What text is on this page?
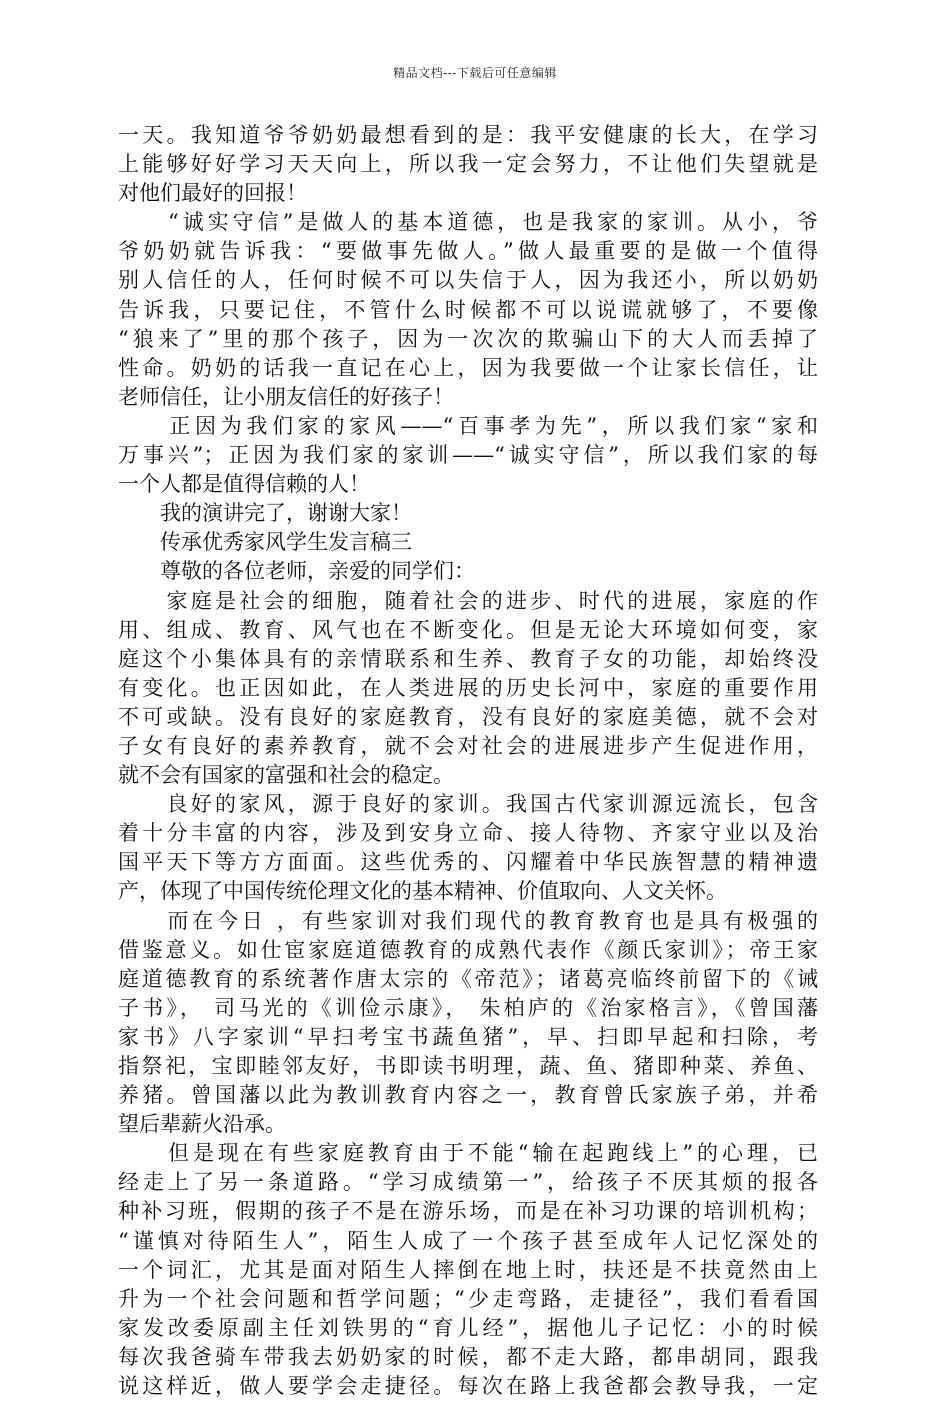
精品文档---下载后可任意编辑
一天。我知道爷爷奶奶最想看到的是：我平安健康的长大，在学习
上能够好好学习天天向上，所以我一定会努力，不让他们失望就是
对他们最好的回报！
　　“诚实守信”是做人的基本道德，也是我家的家训。从小，爷
爷奶奶就告诉我：“要做事先做人。”做人最重要的是做一个值得
别人信任的人，任何时候不可以失信于人，因为我还小，所以奶奶
告诉我，只要记住，不管什么时候都不可以说谎就够了，不要像
“狼来了”里的那个孩子，因为一次次的欺骗山下的大人而丢掉了
性命。奶奶的话我一直记在心上，因为我要做一个让家长信任，让
老师信任，让小朋友信任的好孩子！
　　正因为我们家的家风——“百事孝为先”，所以我们家“家和
万事兴”；正因为我们家的家训——“诚实守信”，所以我们家的每
一个人都是值得信赖的人！
　　我的演讲完了，谢谢大家！
　　传承优秀家风学生发言稿三
　　尊敬的各位老师，亲爱的同学们：
　　家庭是社会的细胞，随着社会的进步、时代的进展，家庭的作
用、组成、教育、风气也在不断变化。但是无论大环境如何变，家
庭这个小集体具有的亲情联系和生养、教育子女的功能，却始终没
有变化。也正因如此，在人类进展的历史长河中，家庭的重要作用
不可或缺。没有良好的家庭教育，没有良好的家庭美德，就不会对
子女有良好的素养教育，就不会对社会的进展进步产生促进作用，
就不会有国家的富强和社会的稳定。
　　良好的家风，源于良好的家训。我国古代家训源远流长，包含
着十分丰富的内容，涉及到安身立命、接人待物、齐家守业以及治
国平天下等方方面面。这些优秀的、闪耀着中华民族智慧的精神遗
产，体现了中国传统伦理文化的基本精神、价值取向、人文关怀。
　　而在今日 ，有些家训对我们现代的教育教育也是具有极强的
借鉴意义。如仕宦家庭道德教育的成熟代表作《颜氏家训》；帝王家
庭道德教育的系统著作唐太宗的《帝范》；诸葛亮临终前留下的《诫
子书》， 司马光的《训俭示康》， 朱柏庐的《治家格言》，《曾国藩
家书》八字家训“早扫考宝书蔬鱼猪”，早、扫即早起和扫除，考
指祭祀，宝即睦邻友好，书即读书明理，蔬、鱼、猪即种菜、养鱼、
养猪。曾国藩以此为教训教育内容之一，教育曾氏家族子弟，并希
望后辈薪火沿承。
　　但是现在有些家庭教育由于不能“输在起跑线上”的心理，已
经走上了另一条道路。“学习成绩第一”，给孩子不厌其烦的报各
种补习班，假期的孩子不是在游乐场，而是在补习功课的培训机构；
“谨慎对待陌生人”，陌生人成了一个孩子甚至成年人记忆深处的
一个词汇，尤其是面对陌生人摔倒在地上时，扶还是不扶竟然由上
升为一个社会问题和哲学问题；“少走弯路，走捷径”，我们看看国
家发改委原副主任刘铁男的“育儿经”，据他儿子记忆：小的时候
每次我爸骑车带我去奶奶家的时候，都不走大路，都串胡同，跟我
说这样近，做人要学会走捷径。每次在路上我爸都会教导我，一定
